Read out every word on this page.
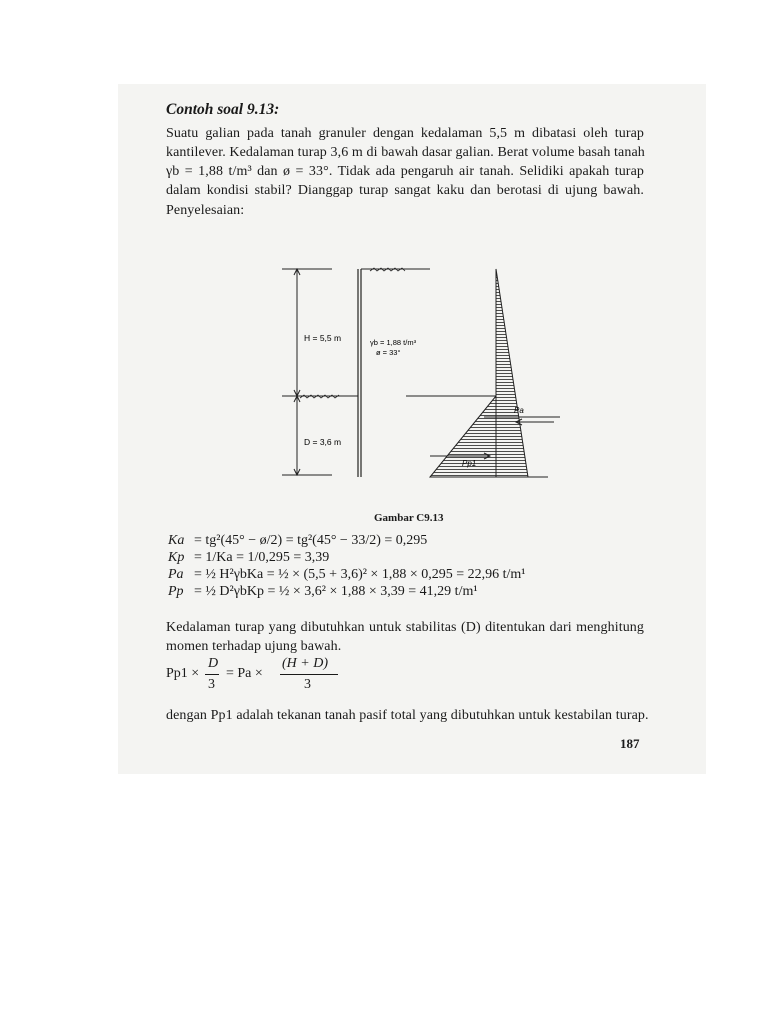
Contoh soal 9.13:
Suatu galian pada tanah granuler dengan kedalaman 5,5 m dibatasi oleh turap
kantilever. Kedalaman turap 3,6 m di bawah dasar galian. Berat volume basah tanah
γb = 1,88 t/m³ dan ø = 33°. Tidak ada pengaruh air tanah. Selidiki apakah turap
dalam kondisi stabil? Dianggap turap sangat kaku dan berotasi di ujung bawah.
Penyelesaian:
H = 5,5 m
D = 3,6 m
γb = 1,88 t/m³
ø = 33°
Pa
Pp1
Gambar C9.13
Ka = tg²(45° − ø/2) = tg²(45° − 33/2) = 0,295
Kp = 1/Ka = 1/0,295 = 3,39
Pa = ½ H²γbKa = ½ × (5,5 + 3,6)² × 1,88 × 0,295 = 22,96 t/m¹
Pp = ½ D²γbKp = ½ × 3,6² × 1,88 × 3,39 = 41,29 t/m¹
Kedalaman turap yang dibutuhkan untuk stabilitas (D) ditentukan dari menghitung
momen terhadap ujung bawah.
Pp1 ×
D
3
= Pa ×
(H + D)
3
dengan Pp1 adalah tekanan tanah pasif total yang dibutuhkan untuk kestabilan turap.
187
